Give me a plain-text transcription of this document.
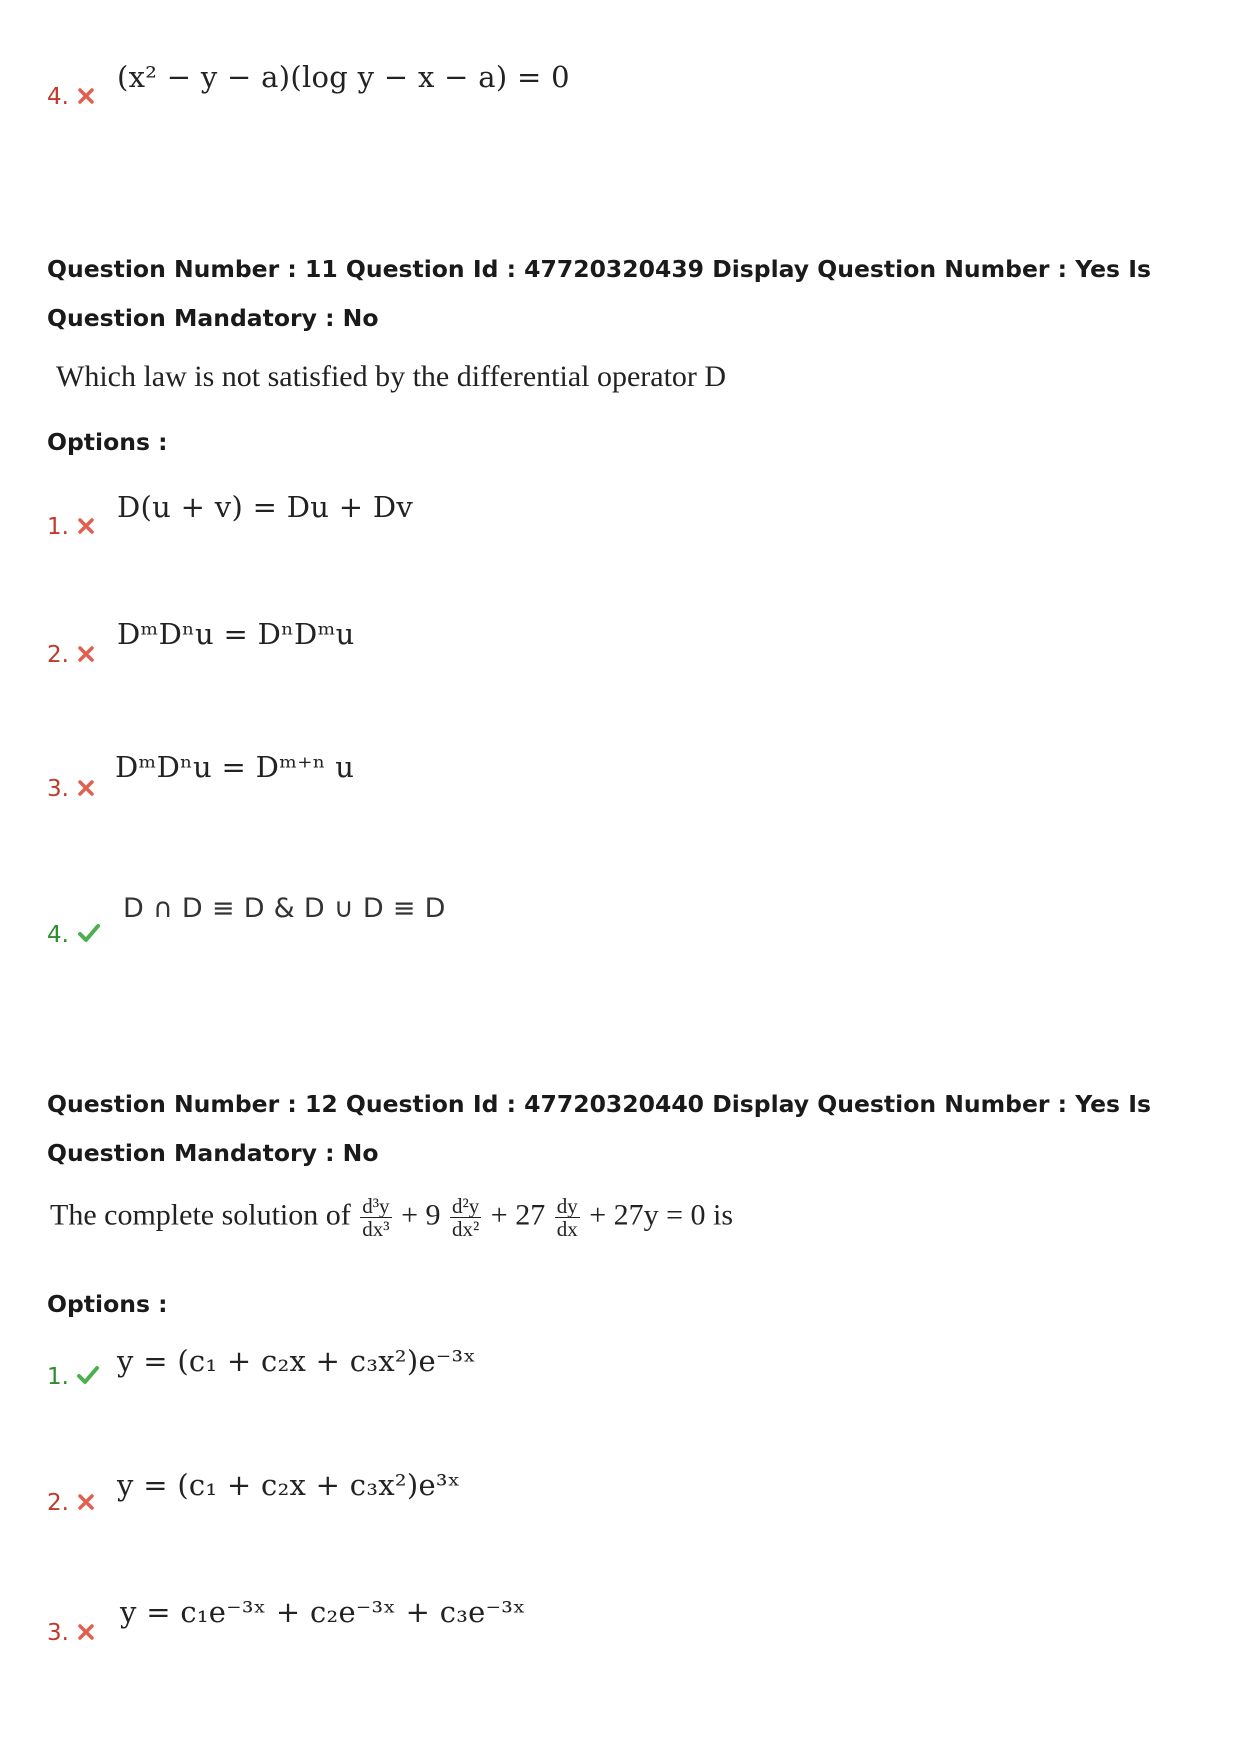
4.
(x² − y − a)(log y − x − a) = 0
Question Number : 11 Question Id : 47720320439 Display Question Number : Yes Is Question Mandatory : No
Which law is not satisfied by the differential operator D
Options :
1.
D(u + v) = Du + Dv
2.
DᵐDⁿu = DⁿDᵐu
3.
DᵐDⁿu = Dᵐ⁺ⁿ u
4.
D ∩ D ≡ D & D ∪ D ≡ D
Question Number : 12 Question Id : 47720320440 Display Question Number : Yes Is Question Mandatory : No
The complete solution of $\frac{\text{d³y}}{\text{dx³}} + 9 \frac{\text{d²y}}{\text{dx²}} + 27 \frac{dy}{dx} + 27y = 0$ is
Options :
1. y = (c₁ + c₂x + c₃x²)e⁻³ˣ
2.
y = (c₁ + c₂x + c₃x²)e³ˣ
3.
y = c₁e⁻³ˣ + c₂e⁻³ˣ + c₃e⁻³ˣ
